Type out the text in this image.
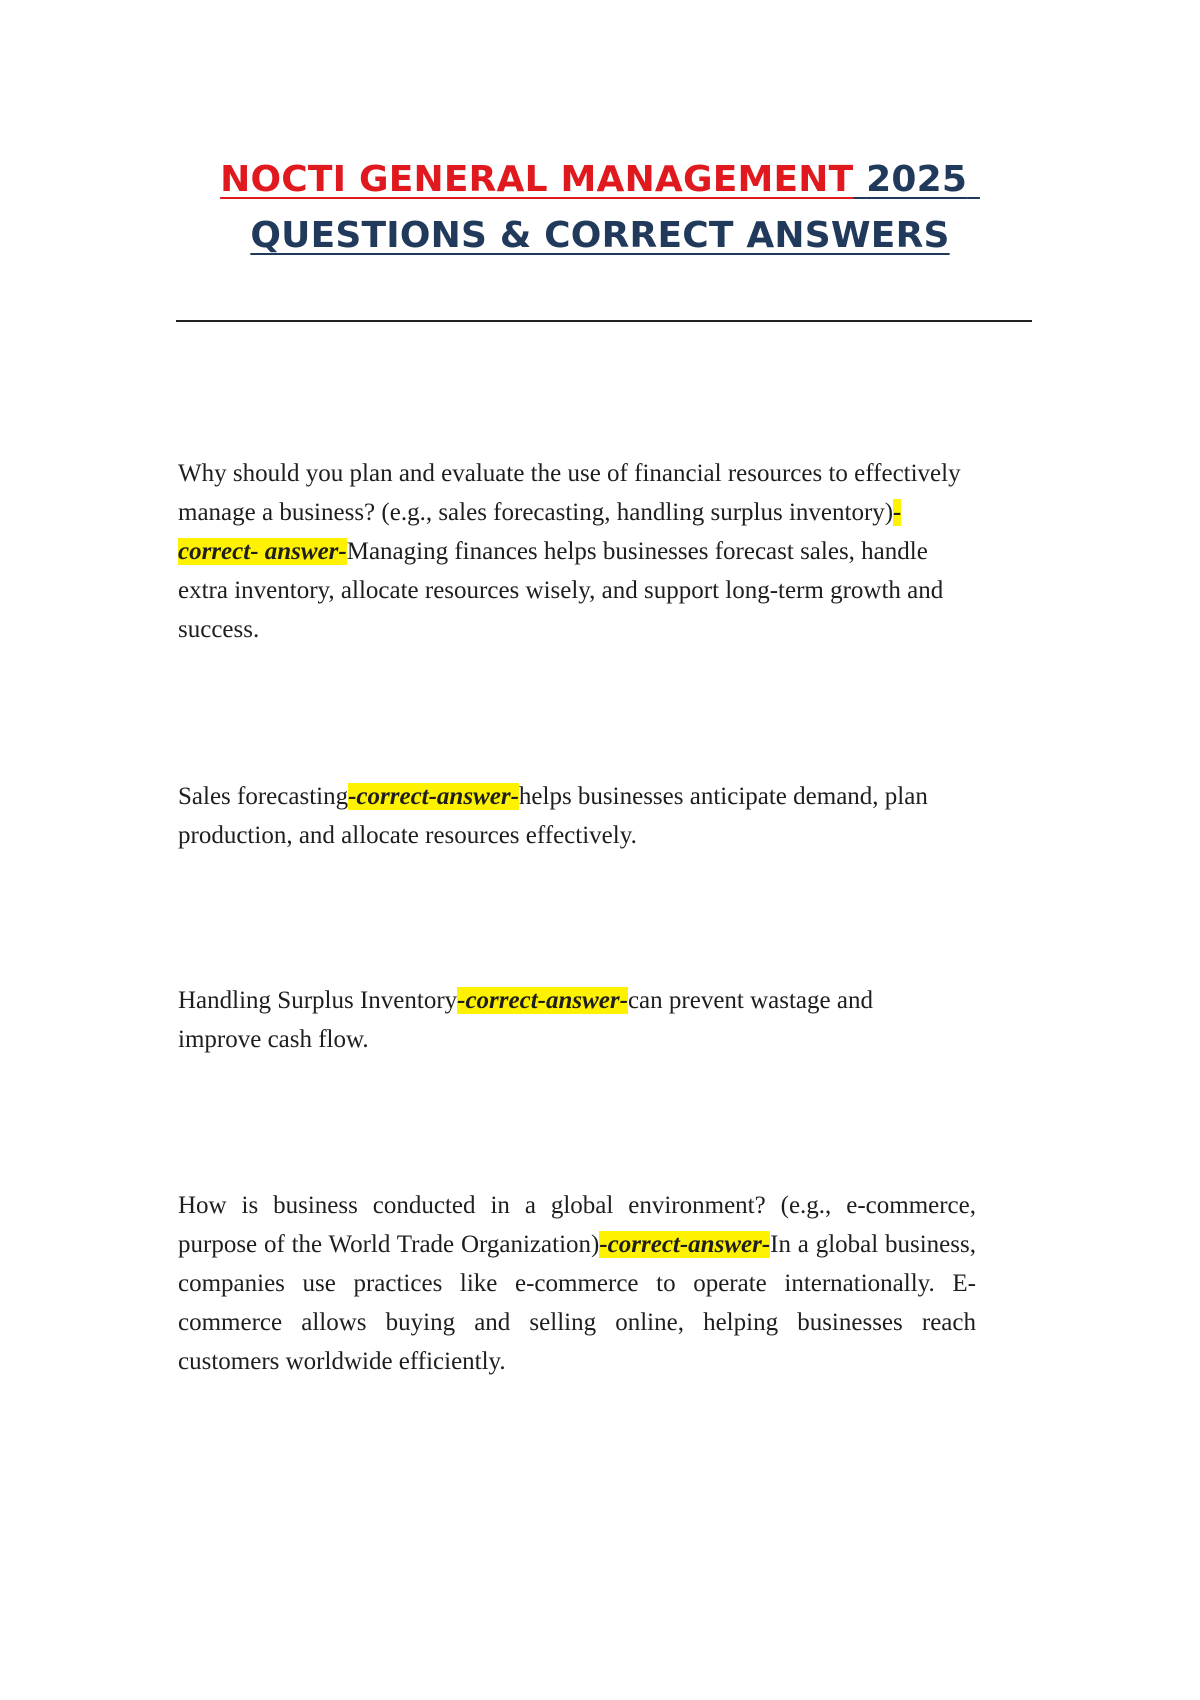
NOCTI GENERAL MANAGEMENT 2025
QUESTIONS & CORRECT ANSWERS
Why should you plan and evaluate the use of financial resources to effectively manage a business? (e.g., sales forecasting, handling surplus inventory)-correct- answer-Managing finances helps businesses forecast sales, handle extra inventory, allocate resources wisely, and support long-term growth and success.
Sales forecasting-correct-answer-helps businesses anticipate demand, plan production, and allocate resources effectively.
Handling Surplus Inventory-correct-answer-can prevent wastage and improve cash flow.
How is business conducted in a global environment? (e.g., e-commerce, purpose of the World Trade Organization)-correct-answer-In a global business, companies use practices like e-commerce to operate internationally. E-commerce allows buying and selling online, helping businesses reach customers worldwide efficiently.
